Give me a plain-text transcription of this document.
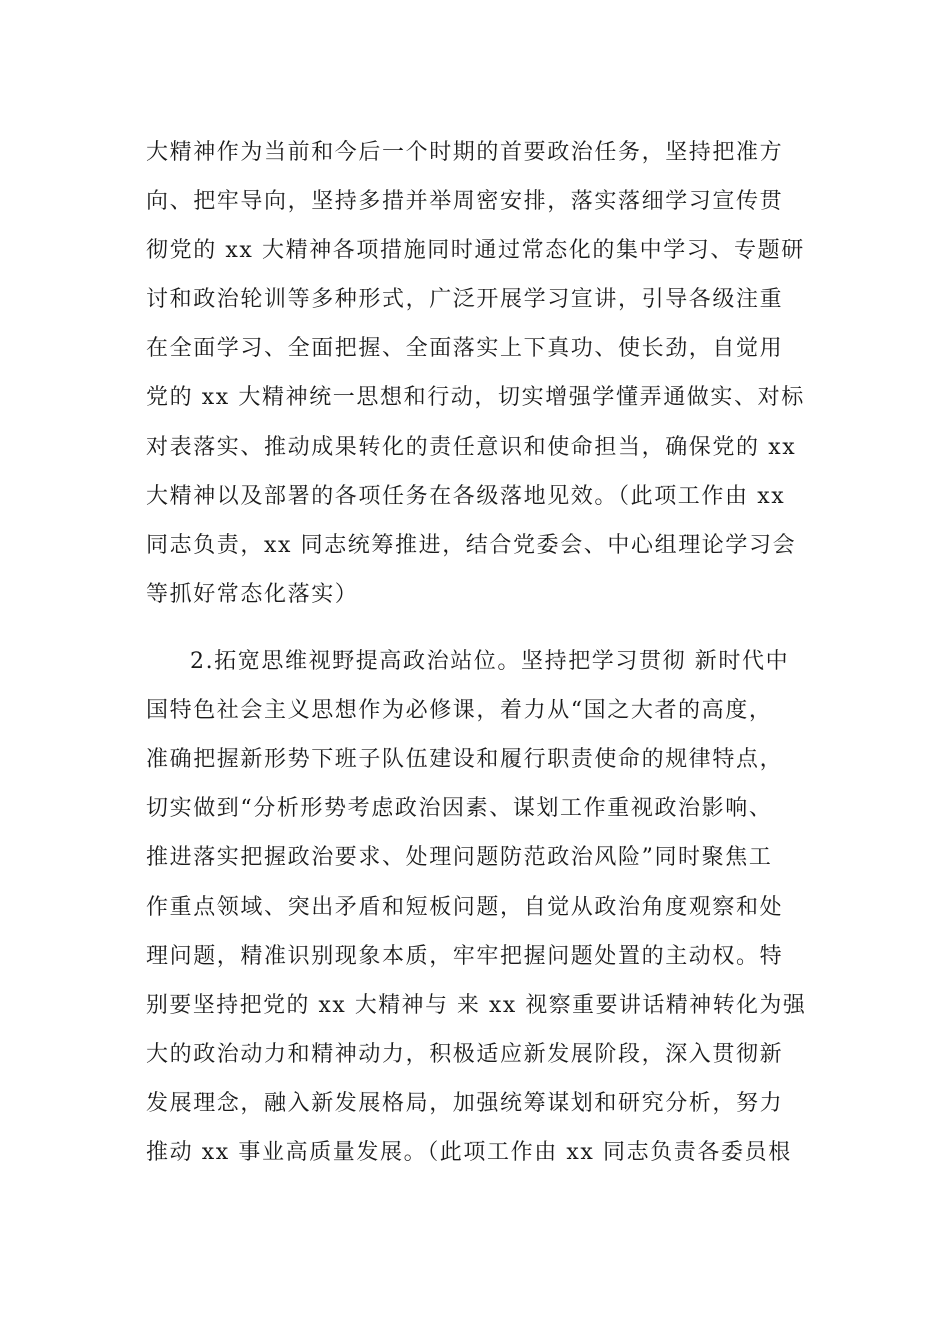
大精神作为当前和今后一个时期的首要政治任务，坚持把准方
向、把牢导向，坚持多措并举周密安排，落实落细学习宣传贯
彻党的 xx 大精神各项措施同时通过常态化的集中学习、专题研
讨和政治轮训等多种形式，广泛开展学习宣讲，引导各级注重
在全面学习、全面把握、全面落实上下真功、使长劲，自觉用
党的 xx 大精神统一思想和行动，切实增强学懂弄通做实、对标
对表落实、推动成果转化的责任意识和使命担当，确保党的 xx
大精神以及部署的各项任务在各级落地见效。（此项工作由 xx
同志负责，xx 同志统筹推进，结合党委会、中心组理论学习会
等抓好常态化落实）
2.拓宽思维视野提高政治站位。坚持把学习贯彻 新时代中
国特色社会主义思想作为必修课，着力从“国之大者的高度，
准确把握新形势下班子队伍建设和履行职责使命的规律特点，
切实做到“分析形势考虑政治因素、谋划工作重视政治影响、
推进落实把握政治要求、处理问题防范政治风险”同时聚焦工
作重点领域、突出矛盾和短板问题，自觉从政治角度观察和处
理问题，精准识别现象本质，牢牢把握问题处置的主动权。特
别要坚持把党的 xx 大精神与 来 xx 视察重要讲话精神转化为强
大的政治动力和精神动力，积极适应新发展阶段，深入贯彻新
发展理念，融入新发展格局，加强统筹谋划和研究分析，努力
推动 xx 事业高质量发展。（此项工作由 xx 同志负责各委员根
